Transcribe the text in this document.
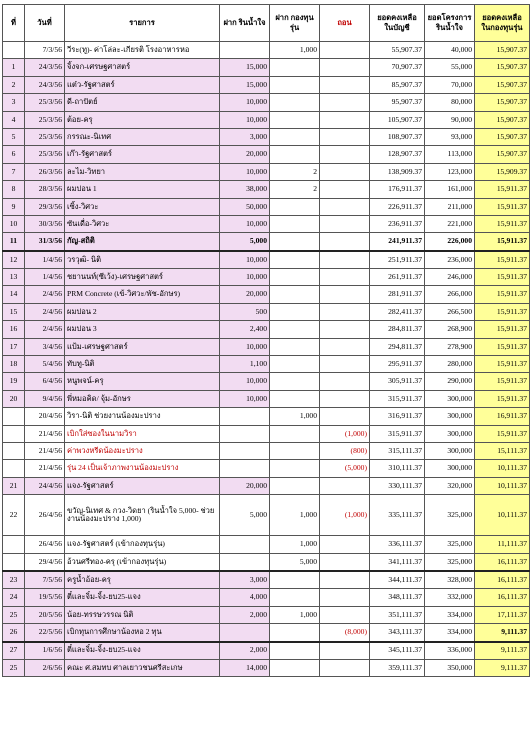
ที่	วันที่	รายการ	ฝาก รินน้ำใจ	ฝาก กองทุนรุ่น	ถอน	ยอดคงเหลือ ในบัญชี	ยอดโครงการ รินน้ำใจ	ยอดคงเหลือ ในกองทุนรุ่น
	7/3/56	วีระ(ทู)- ค่าโล่ละ-เกียรติ โรงอาหารหอ		1,000		55,907.37	40,000	15,907.37
1	24/3/56	จิ้งจก-เศรษฐศาสตร์	15,000			70,907.37	55,000	15,907.37
2	24/3/56	แต๋ว-รัฐศาสตร์	15,000			85,907.37	70,000	15,907.37
3	25/3/56	ดี-ถาปัตย์	10,000			95,907.37	80,000	15,907.37
4	25/3/56	ต้อย-ครุ	10,000			105,907.37	90,000	15,907.37
5	25/3/56	กรรณะ-นิเทศ	3,000			108,907.37	93,000	15,907.37
6	25/3/56	เก๊า-รัฐศาสตร์	20,000			128,907.37	113,000	15,907.37
7	26/3/56	ละไม-วิทยา	10,000	2		138,909.37	123,000	15,909.37
8	28/3/56	ผมปอน 1	38,000	2		176,911.37	161,000	15,911.37
9	29/3/56	เซิ้ง-วิศวะ	50,000			226,911.37	211,000	15,911.37
10	30/3/56	ซันเดื่อ-วิศวะ	10,000			236,911.37	221,000	15,911.37
11	31/3/56	กัญ-สถิติ	5,000			241,911.37	226,000	15,911.37
12	1/4/56	วรวุฒิ- นิติ	10,000			251,911.37	236,000	15,911.37
13	1/4/56	ชยานนท์(ซีเว้ง)-เศรษฐศาสตร์	10,000			261,911.37	246,000	15,911.37
14	2/4/56	PRM Concrete (เข้-วิศวะ/พัช-อักษร)	20,000			281,911.37	266,000	15,911.37
15	2/4/56	ผมปอน 2	500			282,411.37	266,500	15,911.37
16	2/4/56	ผมปอน 3	2,400			284,811.37	268,900	15,911.37
17	3/4/56	แป้ม-เศรษฐศาสตร์	10,000			294,811.37	278,900	15,911.37
18	5/4/56	ทับทู-นิติ	1,100			295,911.37	280,000	15,911.37
19	6/4/56	หนูพจน์-ครุ	10,000			305,911.37	290,000	15,911.37
20	9/4/56	พี่หมอคิด/ จุ้ม-อักษร	10,000			315,911.37	300,000	15,911.37
	20/4/56	วิรา-นิติ ช่วยงานน้องมะปราง		1,000		316,911.37	300,000	16,911.37
	21/4/56	เบิกใส่ซองในนามวิรา			(1,000)	315,911.37	300,000	15,911.37
	21/4/56	ค่าพวงหรีดน้องมะปราง			(800)	315,111.37	300,000	15,111.37
	21/4/56	รุ่น 24 เป็นเจ้าภาพงานน้องมะปราง			(5,000)	310,111.37	300,000	10,111.37
21	24/4/56	แจง-รัฐศาสตร์	20,000			330,111.37	320,000	10,111.37
22	26/4/56	ขวัญ-นิเทศ & กวง-วิดยา (รินน้ำใจ 5,000- ช่วยงานน้องมะปราง 1,000)	5,000	1,000	(1,000)	335,111.37	325,000	10,111.37
	26/4/56	แจง-รัฐศาสตร์ (เข้ากองทุนรุ่น)		1,000		336,111.37	325,000	11,111.37
	29/4/56	อ้วนศรีทอง-ครุ (เข้ากองทุนรุ่น)		5,000		341,111.37	325,000	16,111.37
23	7/5/56	ครูน้ำอ้อย-ครุ	3,000			344,111.37	328,000	16,111.37
24	19/5/56	ตี๋และจิ๋ม-จิ้ง-ยบ25-แจง	4,000			348,111.37	332,000	16,111.37
25	20/5/56	น้อย-ทรรษวรรณ นิติ	2,000	1,000		351,111.37	334,000	17,111.37
26	22/5/56	เบิกทุนการศึกษาน้องหอ 2 ทุน			(8,000)	343,111.37	334,000	9,111.37
27	1/6/56	ตี๋และจิ๋ม-จิ้ง-ยบ25-แจง	2,000			345,111.37	336,000	9,111.37
25	2/6/56	คณะ ศ.สมทบ ศาลเยาวชนศรีสะเกษ	14,000			359,111.37	350,000	9,111.37
